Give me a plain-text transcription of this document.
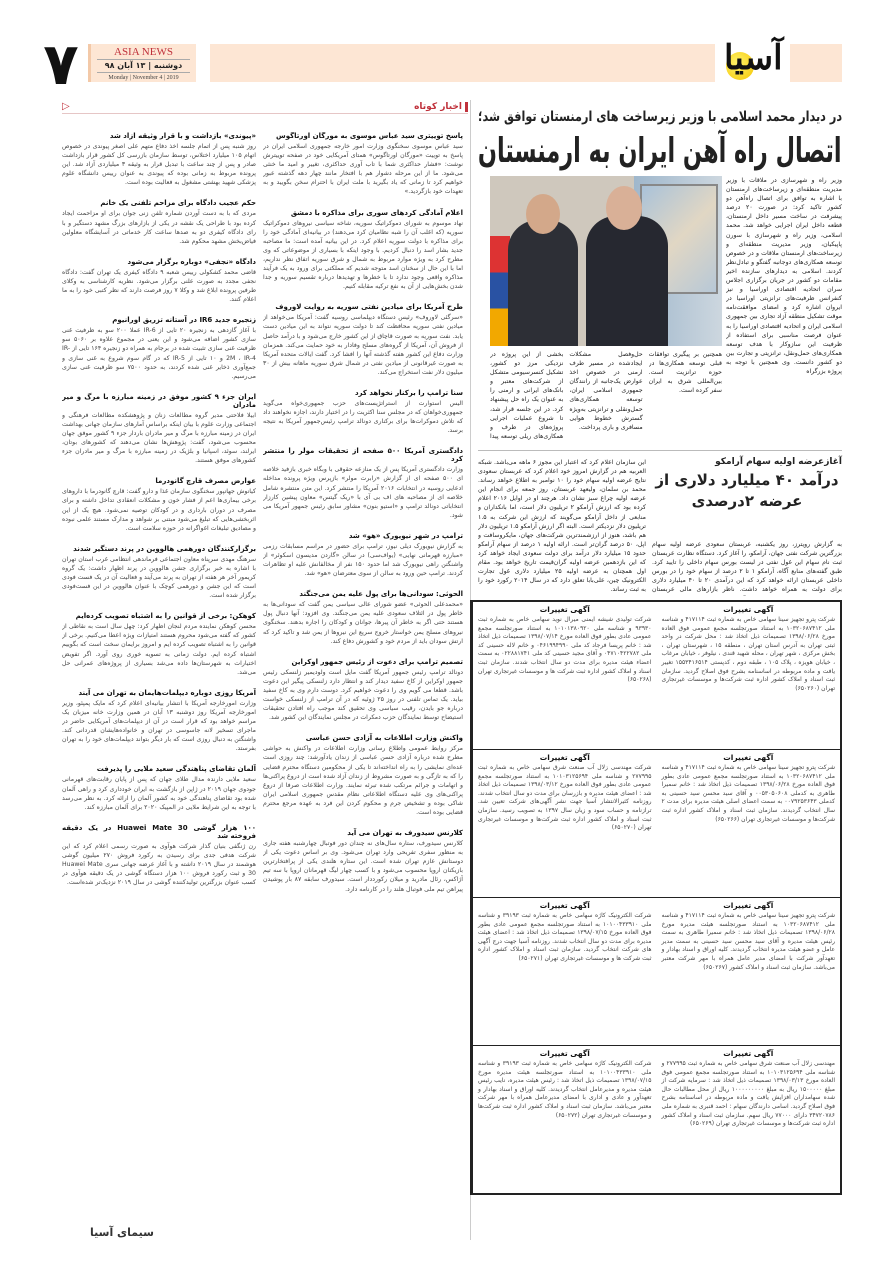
۷	ASIA NEWS
دوشنبه | ۱۳ آبان ۹۸
Monday | November 4 | 2019	آسیا
▷	اخبار کوتاه
پاسخ توییتری سید عباس موسوی به مورگان اورتاگوس

سید عباس موسوی سخنگوی وزارت امور خارجه جمهوری اسلامی ایران در پاسخ به توییت «مورگان اورتاگوس» همتای آمریکایی خود در صفحه توییترش نوشت: «فشار حداکثری شما با تاب آوری حداکثری، تغییر و امید ما خنثی می‌شود. ما از این مرحله دشوار هم با افتخار مانند چهار دهه گذشته عبور خواهیم کرد تا زمانی که یاد بگیرید با ملت ایران با احترام سخن بگویید و به تعهدات خود بازگردید.»

اعلام آمادگی کردهای سوری برای مذاکره با دمشق

نهاد موسوم به شورای دموکراتیک سوریه، شاخه سیاسی نیروهای دموکراتیک سوریه (که اغلب آن را شبه نظامیان کرد می‌دهند) در بیانیه‌ای آمادگی خود را برای مذاکره با دولت سوریه اعلام کرد. در این بیانیه آمده است: ما مصاحبه جدید بشار اسد را دنبال کردیم. با وجود اینکه با بسیاری از موضوعاتی که وی مطرح کرد به ویژه موارد مربوط به شمال و شرق سوریه اتفاق نظر نداریم، اما با این حال از سخنان اسد متوجه شدیم که مملکتی برای ورود به یک فرآیند مذاکره واقعی وجود ندارد تا با خطرها و تهدیدها درباره تقسیم سوریه و جدا شدن بخش‌هایی از آن به نفع ترکیه مقابله کنیم.

طرح آمریکا برای میادین نفتی سوریه به روایت لاوروف

«سرگئی لاوروف» رئیس دستگاه دیپلماسی روسیه گفت: آمریکا می‌خواهد از میادین نفتی سوریه محافظت کند تا دولت سوریه نتواند به این میادین دست یابد. نفت سوریه به صورت قاچاق از این کشور خارج می‌شود و با درآمد حاصل از فروش آن، آمریکا از گروه‌های مسلح وفادار به خود حمایت می‌کند. همزمان وزارت دفاع این کشور هفته گذشته آنها را افشا کرد. گفت ایالات متحده آمریکا به صورت غیرقانونی از میادین نفتی در شمال شرق سوریه ماهانه بیش از ۳۰ میلیون دلار نفت استخراج می‌کند.

سنا ترامپ را برکنار نخواهد کرد

الیس استوارت از استراتژیست‌های حزب جمهوری‌خواه می‌گوید جمهوری‌خواهان که در مجلس سنا اکثریت را در اختیار دارند، اجازه نخواهند داد که تلاش دموکرات‌ها برای برکناری دونالد ترامپ رئیس‌جمهور آمریکا به نتیجه برسد.

دادگستری آمریکا ۵۰۰ صفحه از تحقیقات مولر را منتشر کرد

وزارت دادگستری آمریکا پس از یک منازعه حقوقی با وبگاه خبری بازفید خلاصه ای ۵۰۰ صفحه ای از گزارش «رابرت مولر» بازپرس ویژه پرونده مداخله ادعایی روسیه در انتخابات ۲۰۱۶ آمریکا را منتشر کرد. این متن منتشره شامل خلاصه ای از مصاحبه های اف بی آی با «ریک گیتس» معاون پیشین کارزار انتخاباتی دونالد ترامپ و «استیو بنون» مشاور سابق رئیس جمهور آمریکا می شود.

ترامپ در شهر نیویورک «هو» شد

به گزارش نیویورک دیلی نیوز، ترامپ برای حضور در مراسم مسابقات رزمی «مبارزه قهرمانی نهایی» (یو‌اف‌سی) در سالن «گاردن مدیسون اسکوئر» از واشنگتن راهی نیویورک شد اما حدود ۱۵۰ نفر از مخالفانش علیه او تظاهرات کردند. ترامپ حین ورود به سالن از سوی معترضان «هو» شد.

الحوثی: سودانی‌ها برای پول علیه یمن می‌جنگند

«محمدعلی الحوثی» عضو شورای عالی سیاسی یمن گفت که سودانی‌ها به خاطر پول در ائتلاف سعودی علیه یمن می‌جنگند. وی افزود: آنها دنبال پول هستند حتی اگر به خاطر آن پیرها، جوانان و کودکان را اجاره بدهند. سخنگوی نیروهای مسلح یمن خواستار خروج سریع این نیروها از یمن شد و تاکید کرد که ارتش سودان باید از مردم خود و کشورش دفاع کند.

تصمیم ترامپ برای دعوت از رئیس جمهور اوکراین

دونالد ترامپ رئیس جمهور آمریکا گفت مایل است ولودیمیر زلنسکی رئیس جمهور اوکراین از کاخ سفید دیدار کند و انتظار دارد زلنسکی پیگیر این دعوت باشد. قطعا می گویم وی را دعوت خواهیم کرد. دوست دارم وی به کاخ سفید بیاید. یک تماس تلفنی در روز ۲۵ ژوئیه که در آن ترامپ از زلنسکی خواست درباره جو بایدن، رقیب سیاسی وی تحقیق کند موجب راه افتادن تحقیقات استیضاح توسط نمایندگان حزب دمکرات در مجلس نمایندگان این کشور شد.

واکنش وزارت اطلاعات به آزادی حسن عباسی

مرکز روابط عمومی واطلاع رسانی وزارت اطلاعات در واکنش به حواشی مطرح شده درباره آزادی حسن عباسی از زندان یادآورشد: چند روزی است عده‌ای نمایشی را به راه انداخته‌اند تا یکی از محکومین دستگاه محترم قضایی را که به تازگی و به صورت مشروط از زندان آزاد شده است از دروغ پراکنی‌ها و اتهامات و جرائم مرتکب شده تبرئه نمایند. وزارت اطلاعات صرفا از دروغ پراکنی‌های وی علیه دستگاه اطلاعاتی نظام مقدس جمهوری اسلامی ایران شاکی بوده و تشخیص جرم و محکوم کردن این فرد به عهده مرجع محترم قضایی بوده است.

کلارنس سیدورف به تهران می آید

کلارنس سیدورف، ستاره سال‌های نه چندان دور فوتبال چهارشنبه هفته جاری به منظور سفری تفریحی وارد تهران می‌شود. وی بر اساس دعوت یکی از دوستانش عازم تهران شده است. این ستاره هلندی یکی از پرافتخارترین بازیکنان اروپا محسوب می‌شود و با کسب چهار لیگ قهرمانان اروپا با سه تیم آژاکس، رئال مادرید و میلان رکورددار است. سیدورف سابقه ۸۷ بار پوشیدن پیراهن تیم ملی فوتبال هلند را در کارنامه دارد.

«پیوندی» بازداشت و با قرار وثیقه آزاد شد

روز شنبه پس از اتمام جلسه اخذ دفاع متهم علی اصغر پیوندی در خصوص اتهام ۱۰۵ میلیارد اختلاس، توسط سازمان بازرسی کل کشور قرار بازداشت صادر و پس از چند ساعت با تبدیل قرار به وثیقه ۳ میلیاردی آزاد شد. این پرونده مربوط به زمانی بوده که پیوندی به عنوان رییس دانشگاه علوم پزشکی شهید بهشتی مشغول به فعالیت بوده است.

حکم عجیب دادگاه برای مزاحم تلفنی یک خانم

مردی که با به دست آوردن شماره تلفن زنی جوان برای او مزاحمت ایجاد کرده بود با طراحی یک نقشه در یکی از بازارهای بزرگ مشهد دستگیر و با رای دادگاه کیفری دو به صدها ساعت کار خدماتی در آسایشگاه معلولین فیاض‌بخش مشهد محکوم شد.

دادگاه «نجفی» دوباره برگزار می‌شود

قاضی محمد کشکولی رییس شعبه ۹ دادگاه کیفری یک تهران گفت: دادگاه نجفی مجدد به صورت علنی برگزار می‌شود. نظریه کارشناسی به وکلای طرفین پرونده ابلاغ شد و وکلا ۷ روز فرصت دارند که نظر کتبی خود را به ما اعلام کنند.

زنجیره جدید IR6 در آستانه تزریق اورانیوم

با آغاز گازدهی به زنجیره ۲۰ تایی از IR-6 عملا ۲۰۰ سو به ظرفیت غنی سازی کشور اضافه می‌شود و این یعنی در مجموع علاوه بر ۵۰۶۰ سو ظرفیت غنی سازی تثبیت شده در برجام به همراه دو زنجیره ۱۶۴ تایی از IR-2M ، IR-4 و ۱۰ تایی از IR-5 که در گام سوم شروع به غنی سازی و جمع‌آوری ذخایر غنی شده کردند، به حدود ۷۵۰۰ سو ظرفیت غنی سازی می‌رسیم.

ایران جزء ۹ کشور موفق در زمینه مبارزه با مرگ و میر مادران

ابیلا فلاحتی مدیر گروه مطالعات زنان و پژوهشکده مطالعات فرهنگی و اجتماعی وزارت علوم با بیان اینکه براساس آمارهای سازمان جهانی بهداشت ایران در زمینه مبارزه با مرگ و میر مادران باردار جزء ۹ کشور موفق جهان محسوب می‌شود، گفت: پژوهش‌ها نشان می‌دهند که کشورهای بوتان، ایرلند، سوئد، اسپانیا و بلژیک در زمینه مبارزه با مرگ و میر مادران جزء کشورهای موفق هستند.

عوارض مصرف قارچ گانودرما

کیانوش جهانپور سخنگوی سازمان غذا و دارو گفت: قارچ گانودرما با داروهای برخی بیماری‌ها اعم از فشار خون و مشکلات انعقادی تداخل داشته و برای مصرف در دوران بارداری و در کودکان توصیه نمی‌شود. هیچ یک از این اثربخشی‌هایی که تبلیغ می‌شود مبتنی بر شواهد و مدارک مستند علمی نبوده و مصادیق تبلیغات اغواگرانه در حوزه سلامت است.

برگزارکنندگان دورهمی هالووین در پرند دستگیر شدند

سرهنگ مهدی سرپناه معاون اجتماعی فرماندهی انتظامی غرب استان تهران با اشاره به خبر برگزاری جشن هالووین در پرند اظهار داشت: یک گروه کریمور آخر هر هفته از تهران به پرند می‌آیند و فعالیت آن در یک فست فودی است که این جشن و دورهمی کوچک با عنوان هالووین در این فست‌فودی برگزار شده است.

کوهکن: برخی از قوانین را به اشتباه تصویب کرده‌ایم

محسن کوهکن نماینده مردم لنجان اظهار کرد: چهل سال است به نقاطی از کشور که گفته می‌شود محروم هستند امتیازات ویژه اعطا می‌کنیم. برخی از قوانین را به اشتباه تصویب کرده ایم و امروز برایمان سخت است که بگوییم اشتباه کرده ایم. دولت زمانی به تسویه خوری روی آورد. اگر تفویض اختیارات به شهرستان‌ها داده می‌شد بسیاری از پروژه‌های عمرانی حل می‌شد.

آمریکا روزی دوباره دیپلمات‌هایمان به تهران می آیند

وزارت امورخارجه آمریکا با انتشار بیانیه‌ای اعلام کرد که مایک پمپئو، وزیر امورخارجه آمریکا روز دوشنبه ۱۳ آبان در همین وزارت خانه میزبان یک مراسم خواهد بود که قرار است در آن از دیپلمات‌های آمریکایی حاضر در ماجرای تسخیر لانه جاسوسی در تهران و خانواده‌هایشان قدردانی کند. واشنگتن به دنبال روزی است که بار دیگر بتواند دیپلمات‌های خود را به تهران بفرستد.

آلمان تقاضای پناهندگی سعید ملایی را پذیرفت

سعید ملایی دارنده مدال طلای جهان که پس از پایان رقابت‌های قهرمانی جودوی جهان ۲۰۱۹ در ژاپن از بازگشت به ایران خودداری کرد و راهی آلمان شده بود تقاضای پناهندگی خود به کشور آلمان را ارائه کرد. به نظر می‌رسد با توجه به این شرایط ملایی در المپیک ۲۰۲۰ برای آلمان مبارزه کند.

۱۰۰ هزار گوشی Huawei Mate 30 در یک دقیقه فروخته شد

رن ژنگفی بنیان گذار شرکت هوآوی به صورت رسمی اعلام کرد که این شرکت هدفی جدی برای رسیدن به رکورد فروش ۲۷۰ میلیون گوشی هوشمند در سال ۲۰۱۹ داشته و با آغاز عرضه جهانی سری Huawei Mate 30 و ثبت رکورد فروش ۱۰۰ هزار دستگاه گوشی در یک دقیقه هوآوی در کسب عنوان بزرگترین تولیدکننده گوشی در سال ۲۰۱۹ نزدیک‌تر شده‌است.

سیمای آسیا
در دیدار محمد اسلامی با وزیر زیرساخت های ارمنستان توافق شد؛
اتصال راه آهن ایران به ارمنستان
وزیر راه و شهرسازی در ملاقات با وزیر مدیریت منطقه‌ای و زیرساخت‌های ارمنستان با اشاره به توافق برای اتصال راه‌آهن دو کشور تاکید کرد: در صورت ۲۰ درصد پیشرفت در ساخت مسیر داخل ارمنستان، قطعه داخل ایران اجرایی خواهد شد. محمد اسلامی، وزیر راه و شهرسازی با سورن پاپیکیان، وزیر مدیریت منطقه‌ای و زیرساخت‌های ارمنستان ملاقات و در خصوص توسعه همکاری‌های دوجانبه گفتگو و تبادل‌نظر کردند. اسلامی به دیدارهای سازنده اخیر مقامات دو کشور در جریان برگزاری اجلاس سران اتحادیه اقتصادی اوراسیا و نیز کنفرانس ظرفیت‌های ترانزیتی اوراسیا در ایروان اشاره کرد و امضای موافقت‌نامه موقت تشکیل منطقه آزاد تجاری بین جمهوری اسلامی ایران و اتحادیه اقتصادی اوراسیا را به عنوان فرصت مناسبی برای استفاده از ظرفیت این سازوکار با هدف توسعه همکاری‌های حمل‌ونقل، ترانزیتی و تجارت بین دو کشور دانست. وی همچنین با توجه به پروژه بزرگراه
بخشی از این پروژه در نزدیکی مرز دو کشور، تشکیل کنسرسیومی متشکل از شرکت‌های معتبر و بانک‌های ایرانی و ارمنی را به عنوان یک راه حل پیشنهاد کرد. در این جلسه قرار شد، تا شروع عملیات اجرایی پروژه‌های در طرف و همکاری‌های ریلی توسعه پیدا
حل‌وفصل مشکلات ایجادشده در مسیر طرف ارمنی در خصوص اخذ عوارض یک‌جانبه از رانندگان جمهوری اسلامی ایران، توسعه همکاری‌های حمل‌ونقلی و ترانزیتی به‌ویژه گسترش خطوط هوایی مسافری و باری پرداخت.
همچنین بر پیگیری توافقات قبلی توسعه همکاری‌ها در حوزه ترانزیت است. بین‌المللی شرق به ایران سفر کرده است.
آغازعرضه اولیه سهام آرامکو
درآمد ۴۰ میلیارد دلاری از عرضه ۲درصدی
به گزارش رویترز، روز یکشنبه، عربستان سعودی عرضه اولیه سهام بزرگترین شرکت نفتی جهان، آرامکو، را آغاز کرد. دستگاه نظارت عربستان ثبت نام سهام این غول نفتی در لیست بورس سهام داخلی را تایید کرد. طبق گفته‌های منابع آگاه، آرامکو ۱ تا ۲ درصد از سهام خود را در بورس داخلی عربستان ارائه خواهد کرد که این درآمدی ۲۰ تا ۴۰ میلیارد دلاری برای دولت به همراه خواهد داشت. ناظر بازارهای مالی عربستان
این سازمان اعلام کرد که اعتبار این مجوز ۶ ماهه می‌باشد. شبکه العربیه هم در گزارش امروز خود اعلام کرد که عربستان سعودی نتایج عرضه اولیه سهام خود را ۱۰ نوامبر به اطلاع خواهد رساند. محمد بن سلمان، ولیعهد عربستان، روز جمعه برای انجام این عرضه اولیه چراغ سبز نشان داد. هرچند او در اوایل ۲۰۱۶ اعلام کرده بود که ارزش آرامکو ۲ تریلیون دلار است، اما بانکداران و منابعی از داخل آرامکو می‌گویند که ارزش این شرکت به ۱.۵ تریلیون دلار نزدیکتر است. البته اگر ارزش آرامکو ۱.۵ تریلیون دلار هم باشد، هنوز از ارزشمندترین شرکت‌های جهان، مایکروسافت و اپل، ۵۰ درصد گران‌تر است. ارائه اولیه ۱ درصد از سهام آرامکو حدود ۱۵ میلیارد دلار درآمد برای دولت سعودی ایجاد خواهد کرد که این بازدهمین عرضه اولیه گران‌قیمت تاریخ خواهد بود. مقام اول همچنان به عرضه اولیه ۲۵ میلیارد دلاری غول تجارت الکترونیک چین، علی‌بابا تعلق دارد که در سال ۲۰۱۴ رکورد خود را به ثبت رساند.
آگهی تغییرات

شرکت پترو تجهیز سینا سهامی خاص به شماره ثبت ۴۱۷۱۱۴ و شناسه ملی ۱۰۳۲۰۶۸۷۴۱۲ به استناد صورتجلسه مجمع عمومی فوق العاده مورخ ۱۳۹۸/۰۶/۲۸ تصمیمات ذیل اتخاذ شد : محل شرکت در واحد ثبتی تهران به آدرس استان تهران ، منطقه ۱۵ ، شهرستان تهران ، بخش مرکزی ، شهر تهران ، محله شهید قندی ، نیلوفر ، خیابان مرغاب ، خیابان هویزه ، پلاک ۱۰۵ ، طبقه دوم ، کدپستی ۱۵۵۳۴۱۶۵۱۴ تغییر یافت و ماده مربوطه در اساسنامه بشرح فوق اصلاح گردید. سازمان ثبت اسناد و املاک کشور اداره ثبت شرکت‌ها و موسسات غیرتجاری تهران (۶۵۰۲۶۰)

آگهی تغییرات

شرکت پترو تجهیز سینا سهامی خاص به شماره ثبت ۴۱۷۱۱۴ و شناسه ملی ۱۰۳۲۰۶۸۷۴۱۲ به استناد صورتجلسه مجمع عمومی عادی بطور فوق العاده مورخ ۱۳۹۸/۰۶/۲۸ تصمیمات ذیل اتخاذ شد : خانم سمیرا طاهری به کدملی ۰۰۵۳۰۵۰۶۰۸ و آقای سید محسن سید حسینی به کدملی ۰۰۷۹۲۵۳۶۴۳ به سمت اعضای اصلی هیئت مدیره برای مدت ۲ سال انتخاب گردیدند. سازمان ثبت اسناد و املاک کشور اداره ثبت شرکت‌ها و موسسات غیرتجاری تهران (۶۵۰۲۶۶)

آگهی تغییرات

شرکت پترو تجهیز سینا سهامی خاص به شماره ثبت ۴۱۷۱۱۴ و شناسه ملی ۱۰۳۲۰۶۸۷۴۱۲ به استناد صورتجلسه هیئت مدیره مورخ ۱۳۹۸/۰۶/۲۸ تصمیمات ذیل اتخاذ شد : خانم سمیرا طاهری به سمت رئیس هیئت مدیره و آقای سید محسن سید حسینی به سمت مدیر عامل و عضو هیئت مدیره انتخاب گردیدند. کلیه اوراق و اسناد بهادار و تعهدآور شرکت با امضای مدیر عامل همراه با مهر شرکت معتبر می‌باشد. سازمان ثبت اسناد و املاک کشور (۶۵۰۲۶۷)

آگهی تغییرات

مهندسی زلال آب صنعت شرق سهامی خاص به شماره ثبت ۲۷۷۹۹۵ و شناسه ملی ۱۰۱۰۳۱۲۵۶۹۴ به استناد صورتجلسه مجمع عمومی فوق العاده مورخ ۱۳۹۸/۰۳/۱۳ تصمیمات ذیل اتخاذ شد : سرمایه شرکت از مبلغ ۱۵۰۰۰۰۰ ریال به مبلغ ۱۰۰۰۰۰۰۰۰۰ ریال از محل مطالبات حال شده سهامداران افزایش یافت و ماده مربوطه در اساسنامه بشرح فوق اصلاح گردید. اسامی دارندگان سهام : احمد قنبری به شماره ملی ۳۴۷۲۰۷۸۶ دارای ۷۷۰۰۰ ریال سهم. سازمان ثبت اسناد و املاک کشور اداره ثبت شرکت‌ها و موسسات غیرتجاری تهران (۶۵۰۲۶۹)

آگهی تغییرات

شرکت تولیدی شیشه ایمنی میرال نوید سهامی خاص به شماره ثبت ۹۳۹۳۰ و شناسه ملی ۱۰۱۰۱۳۸۰۹۲۰ به استناد صورتجلسه مجمع عمومی عادی بطور فوق العاده مورخ ۱۳۹۸/۰۷/۱۴ تصمیمات ذیل اتخاذ شد : خانم پریسا فرجاد کد ملی ۰۴۶۱۹۹۴۹۹۰ و خانم لاله حسینی کد ملی ۰۴۷۱۰۴۲۲۷۸۲ و آقای مجید حسینی کد ملی ۰۲۲۸۸۱۷۴۱ به سمت اعضاء هیئت مدیره برای مدت دو سال انتخاب شدند. سازمان ثبت اسناد و املاک کشور اداره ثبت شرکت ها و موسسات غیرتجاری تهران (۶۵۰۲۶۸)

آگهی تغییرات

شرکت مهندسی زلال آب صنعت شرق سهامی خاص به شماره ثبت ۲۷۷۹۹۵ و شناسه ملی ۱۰۱۰۳۱۲۵۶۹۴ به استناد صورتجلسه مجمع عمومی عادی بطور فوق العاده مورخ ۱۳۹۸/۰۳/۱۲ تصمیمات ذیل اتخاذ شد : اعضای هیئت مدیره و بازرسان برای مدت دو سال انتخاب شدند. روزنامه کثیرالانتشار آسیا جهت نشر آگهی‌های شرکت تعیین شد. ترازنامه و حساب سود و زیان سال ۱۳۹۷ به تصویب رسید. سازمان ثبت اسناد و املاک کشور اداره ثبت شرکت‌ها و موسسات غیرتجاری تهران (۶۵۰۲۷۰)

آگهی تغییرات

شرکت الکترونیک کاژه سهامی خاص به شماره ثبت ۳۹۱۹۳ و شناسه ملی ۱۰۱۰۰۴۳۳۹۱۰ به استناد صورتجلسه مجمع عمومی عادی بطور فوق العاده مورخ ۱۳۹۸/۰۷/۱۵ تصمیمات ذیل اتخاذ شد : اعضای هیئت مدیره برای مدت دو سال انتخاب شدند. روزنامه آسیا جهت درج آگهی های شرکت انتخاب گردید. سازمان ثبت اسناد و املاک کشور اداره ثبت شرکت ها و موسسات غیرتجاری تهران (۶۵۰۲۷۱)

آگهی تغییرات

شرکت الکترونیک کاژه سهامی خاص به شماره ثبت ۳۹۱۹۳ و شناسه ملی ۱۰۱۰۰۴۳۳۹۱۰ به استناد صورتجلسه هیئت مدیره مورخ ۱۳۹۸/۰۷/۱۵ تصمیمات ذیل اتخاذ شد : رئیس هیئت مدیره، نایب رئیس هیئت مدیره و مدیرعامل انتخاب گردیدند. کلیه اوراق و اسناد بهادار و تعهدآور و عادی و اداری با امضای مدیرعامل همراه با مهر شرکت معتبر می‌باشد. سازمان ثبت اسناد و املاک کشور اداره ثبت شرکت‌ها و موسسات غیرتجاری تهران (۶۵۰۲۷۲)
